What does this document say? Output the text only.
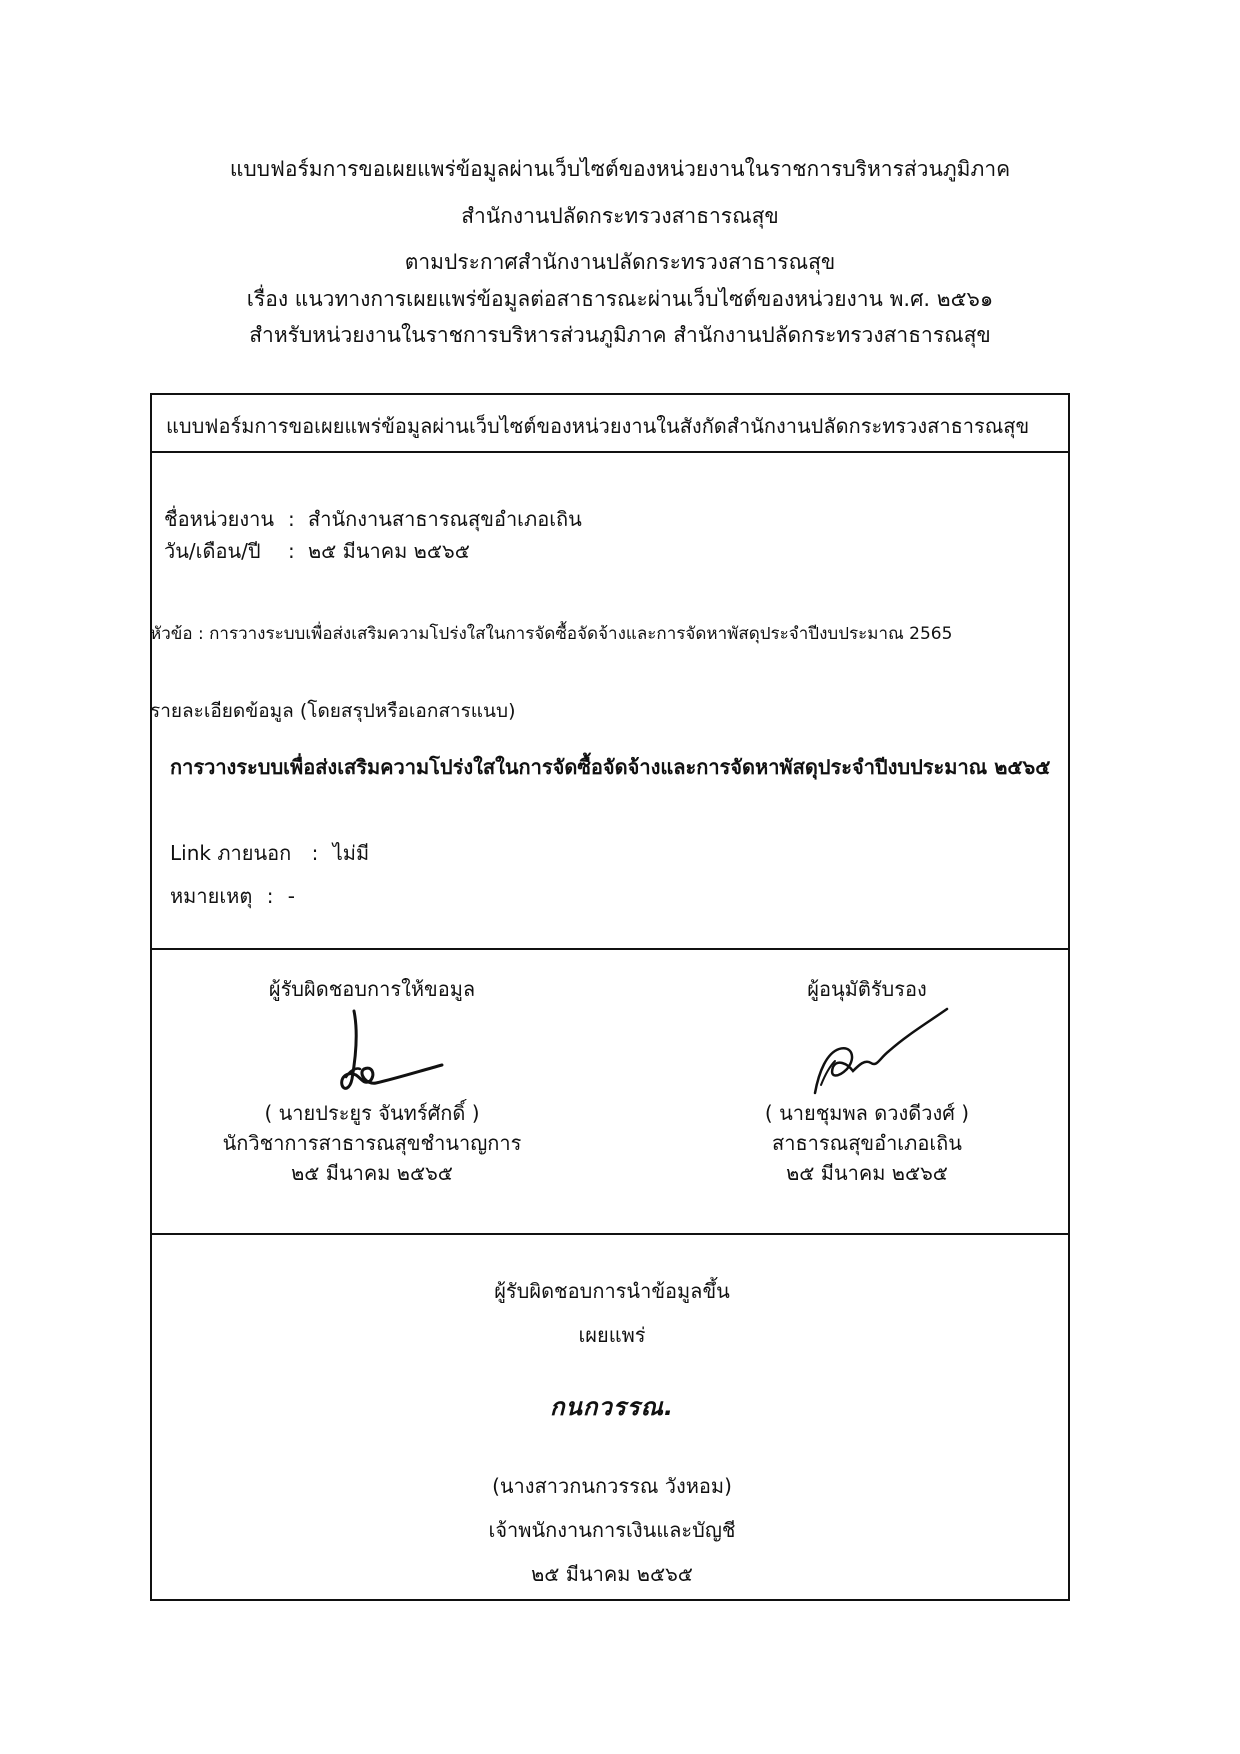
แบบฟอร์มการขอเผยแพร่ข้อมูลผ่านเว็บไซต์ของหน่วยงานในราชการบริหารส่วนภูมิภาค
สำนักงานปลัดกระทรวงสาธารณสุข
ตามประกาศสำนักงานปลัดกระทรวงสาธารณสุข
เรื่อง แนวทางการเผยแพร่ข้อมูลต่อสาธารณะผ่านเว็บไซต์ของหน่วยงาน พ.ศ. ๒๕๖๑
สำหรับหน่วยงานในราชการบริหารส่วนภูมิภาค สำนักงานปลัดกระทรวงสาธารณสุข
แบบฟอร์มการขอเผยแพร่ข้อมูลผ่านเว็บไซต์ของหน่วยงานในสังกัดสำนักงานปลัดกระทรวงสาธารณสุข
ชื่อหน่วยงาน : สำนักงานสาธารณสุขอำเภอเถิน
วัน/เดือน/ปี : ๒๕ มีนาคม ๒๕๖๕
หัวข้อ : การวางระบบเพื่อส่งเสริมความโปร่งใสในการจัดซื้อจัดจ้างและการจัดหาพัสดุประจำปีงบประมาณ 2565
รายละเอียดข้อมูล (โดยสรุปหรือเอกสารแนบ)
การวางระบบเพื่อส่งเสริมความโปร่งใสในการจัดซื้อจัดจ้างและการจัดหาพัสดุประจำปีงบประมาณ ๒๕๖๕
Link ภายนอก : ไม่มี
หมายเหตุ : -
ผู้รับผิดชอบการให้ขอมูล
( นายประยูร จันทร์ศักดิ์ )
นักวิชาการสาธารณสุขชำนาญการ
๒๕ มีนาคม ๒๕๖๕
ผู้อนุมัติรับรอง
( นายชุมพล ดวงดีวงศ์ )
สาธารณสุขอำเภอเถิน
๒๕ มีนาคม ๒๕๖๕
ผู้รับผิดชอบการนำข้อมูลขึ้น
เผยแพร่
กนกวรรณ.
(นางสาวกนกวรรณ วังหอม)
เจ้าพนักงานการเงินและบัญชี
๒๕ มีนาคม ๒๕๖๕
